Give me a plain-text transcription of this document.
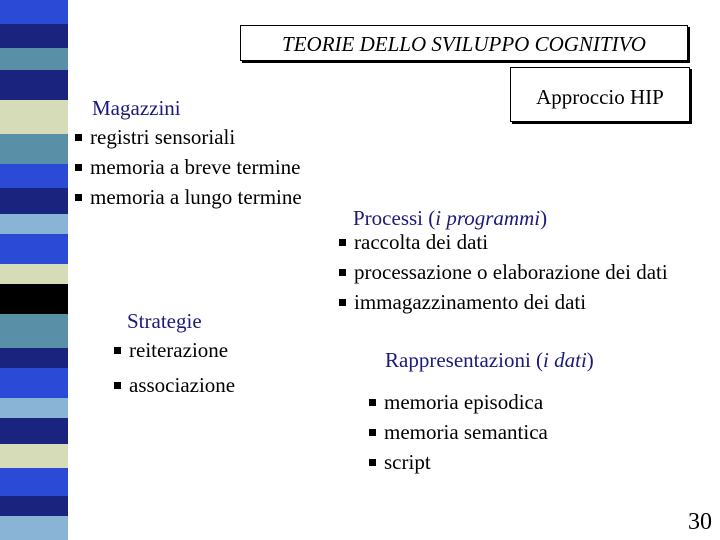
TEORIE DELLO SVILUPPO COGNITIVO
Approccio HIP
Magazzini
registri sensoriali
memoria a breve termine
memoria a lungo termine
Processi (i programmi)
raccolta dei dati
processazione o elaborazione dei dati
immagazzinamento dei dati
Strategie
reiterazione
associazione
Rappresentazioni (i dati)
memoria episodica
memoria semantica
script
30
